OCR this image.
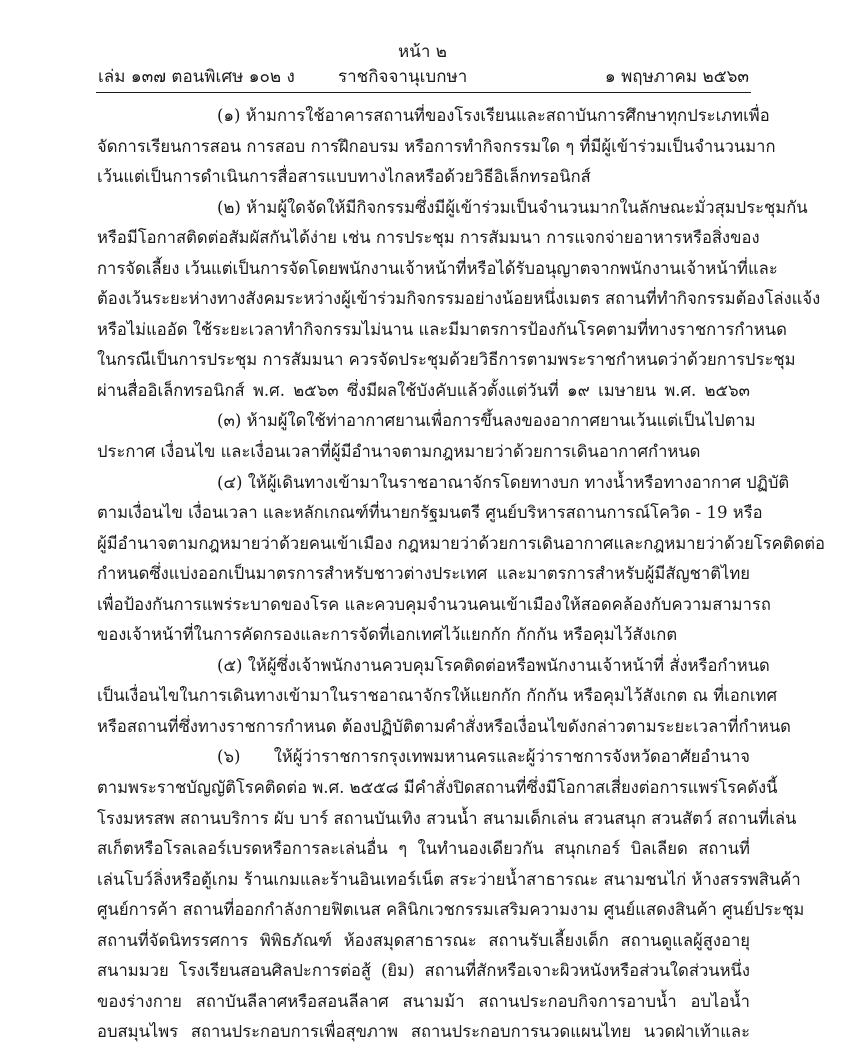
หน้า ๒
เล่ม ๑๓๗ ตอนพิเศษ ๑๐๒ ง	ราชกิจจานุเบกษา	๑ พฤษภาคม ๒๕๖๓
(๑) ห้ามการใช้อาคารสถานที่ของโรงเรียนและสถาบันการศึกษาทุกประเภทเพื่อ
จัดการเรียนการสอน การสอบ การฝึกอบรม หรือการทำกิจกรรมใด ๆ ที่มีผู้เข้าร่วมเป็นจำนวนมาก
เว้นแต่เป็นการดำเนินการสื่อสารแบบทางไกลหรือด้วยวิธีอิเล็กทรอนิกส์
(๒) ห้ามผู้ใดจัดให้มีกิจกรรมซึ่งมีผู้เข้าร่วมเป็นจำนวนมากในลักษณะมั่วสุมประชุมกัน
หรือมีโอกาสติดต่อสัมผัสกันได้ง่าย เช่น การประชุม การสัมมนา การแจกจ่ายอาหารหรือสิ่งของ
การจัดเลี้ยง เว้นแต่เป็นการจัดโดยพนักงานเจ้าหน้าที่หรือได้รับอนุญาตจากพนักงานเจ้าหน้าที่และ
ต้องเว้นระยะห่างทางสังคมระหว่างผู้เข้าร่วมกิจกรรมอย่างน้อยหนึ่งเมตร สถานที่ทำกิจกรรมต้องโล่งแจ้ง
หรือไม่แออัด ใช้ระยะเวลาทำกิจกรรมไม่นาน และมีมาตรการป้องกันโรคตามที่ทางราชการกำหนด
ในกรณีเป็นการประชุม การสัมมนา ควรจัดประชุมด้วยวิธีการตามพระราชกำหนดว่าด้วยการประชุม
ผ่านสื่ออิเล็กทรอนิกส์ พ.ศ. ๒๕๖๓ ซึ่งมีผลใช้บังคับแล้วตั้งแต่วันที่ ๑๙ เมษายน พ.ศ. ๒๕๖๓
(๓) ห้ามผู้ใดใช้ท่าอากาศยานเพื่อการขึ้นลงของอากาศยานเว้นแต่เป็นไปตาม
ประกาศ เงื่อนไข และเงื่อนเวลาที่ผู้มีอำนาจตามกฎหมายว่าด้วยการเดินอากาศกำหนด
(๔) ให้ผู้เดินทางเข้ามาในราชอาณาจักรโดยทางบก ทางน้ำหรือทางอากาศ ปฏิบัติ
ตามเงื่อนไข เงื่อนเวลา และหลักเกณฑ์ที่นายกรัฐมนตรี ศูนย์บริหารสถานการณ์โควิด - 19 หรือ
ผู้มีอำนาจตามกฎหมายว่าด้วยคนเข้าเมือง กฎหมายว่าด้วยการเดินอากาศและกฎหมายว่าด้วยโรคติดต่อ
กำหนดซึ่งแบ่งออกเป็นมาตรการสำหรับชาวต่างประเทศ และมาตรการสำหรับผู้มีสัญชาติไทย
เพื่อป้องกันการแพร่ระบาดของโรค และควบคุมจำนวนคนเข้าเมืองให้สอดคล้องกับความสามารถ
ของเจ้าหน้าที่ในการคัดกรองและการจัดที่เอกเทศไว้แยกกัก กักกัน หรือคุมไว้สังเกต
(๕) ให้ผู้ซึ่งเจ้าพนักงานควบคุมโรคติดต่อหรือพนักงานเจ้าหน้าที่ สั่งหรือกำหนด
เป็นเงื่อนไขในการเดินทางเข้ามาในราชอาณาจักรให้แยกกัก กักกัน หรือคุมไว้สังเกต ณ ที่เอกเทศ
หรือสถานที่ซึ่งทางราชการกำหนด ต้องปฏิบัติตามคำสั่งหรือเงื่อนไขดังกล่าวตามระยะเวลาที่กำหนด
(๖) ให้ผู้ว่าราชการกรุงเทพมหานครและผู้ว่าราชการจังหวัดอาศัยอำนาจ
ตามพระราชบัญญัติโรคติดต่อ พ.ศ. ๒๕๕๘ มีคำสั่งปิดสถานที่ซึ่งมีโอกาสเสี่ยงต่อการแพร่โรคดังนี้
โรงมหรสพ สถานบริการ ผับ บาร์ สถานบันเทิง สวนน้ำ สนามเด็กเล่น สวนสนุก สวนสัตว์ สถานที่เล่น
สเก็ตหรือโรลเลอร์เบรดหรือการละเล่นอื่น ๆ ในทำนองเดียวกัน สนุกเกอร์ บิลเลียด สถานที่
เล่นโบว์ลิ่งหรือตู้เกม ร้านเกมและร้านอินเทอร์เน็ต สระว่ายน้ำสาธารณะ สนามชนไก่ ห้างสรรพสินค้า
ศูนย์การค้า สถานที่ออกกำลังกายฟิตเนส คลินิกเวชกรรมเสริมความงาม ศูนย์แสดงสินค้า ศูนย์ประชุม
สถานที่จัดนิทรรศการ พิพิธภัณฑ์ ห้องสมุดสาธารณะ สถานรับเลี้ยงเด็ก สถานดูแลผู้สูงอายุ
สนามมวย โรงเรียนสอนศิลปะการต่อสู้ (ยิม) สถานที่สักหรือเจาะผิวหนังหรือส่วนใดส่วนหนึ่ง
ของร่างกาย สถาบันลีลาศหรือสอนลีลาศ สนามม้า สถานประกอบกิจการอาบน้ำ อบไอน้ำ
อบสมุนไพร สถานประกอบการเพื่อสุขภาพ สถานประกอบการนวดแผนไทย นวดฝ่าเท้าและ
